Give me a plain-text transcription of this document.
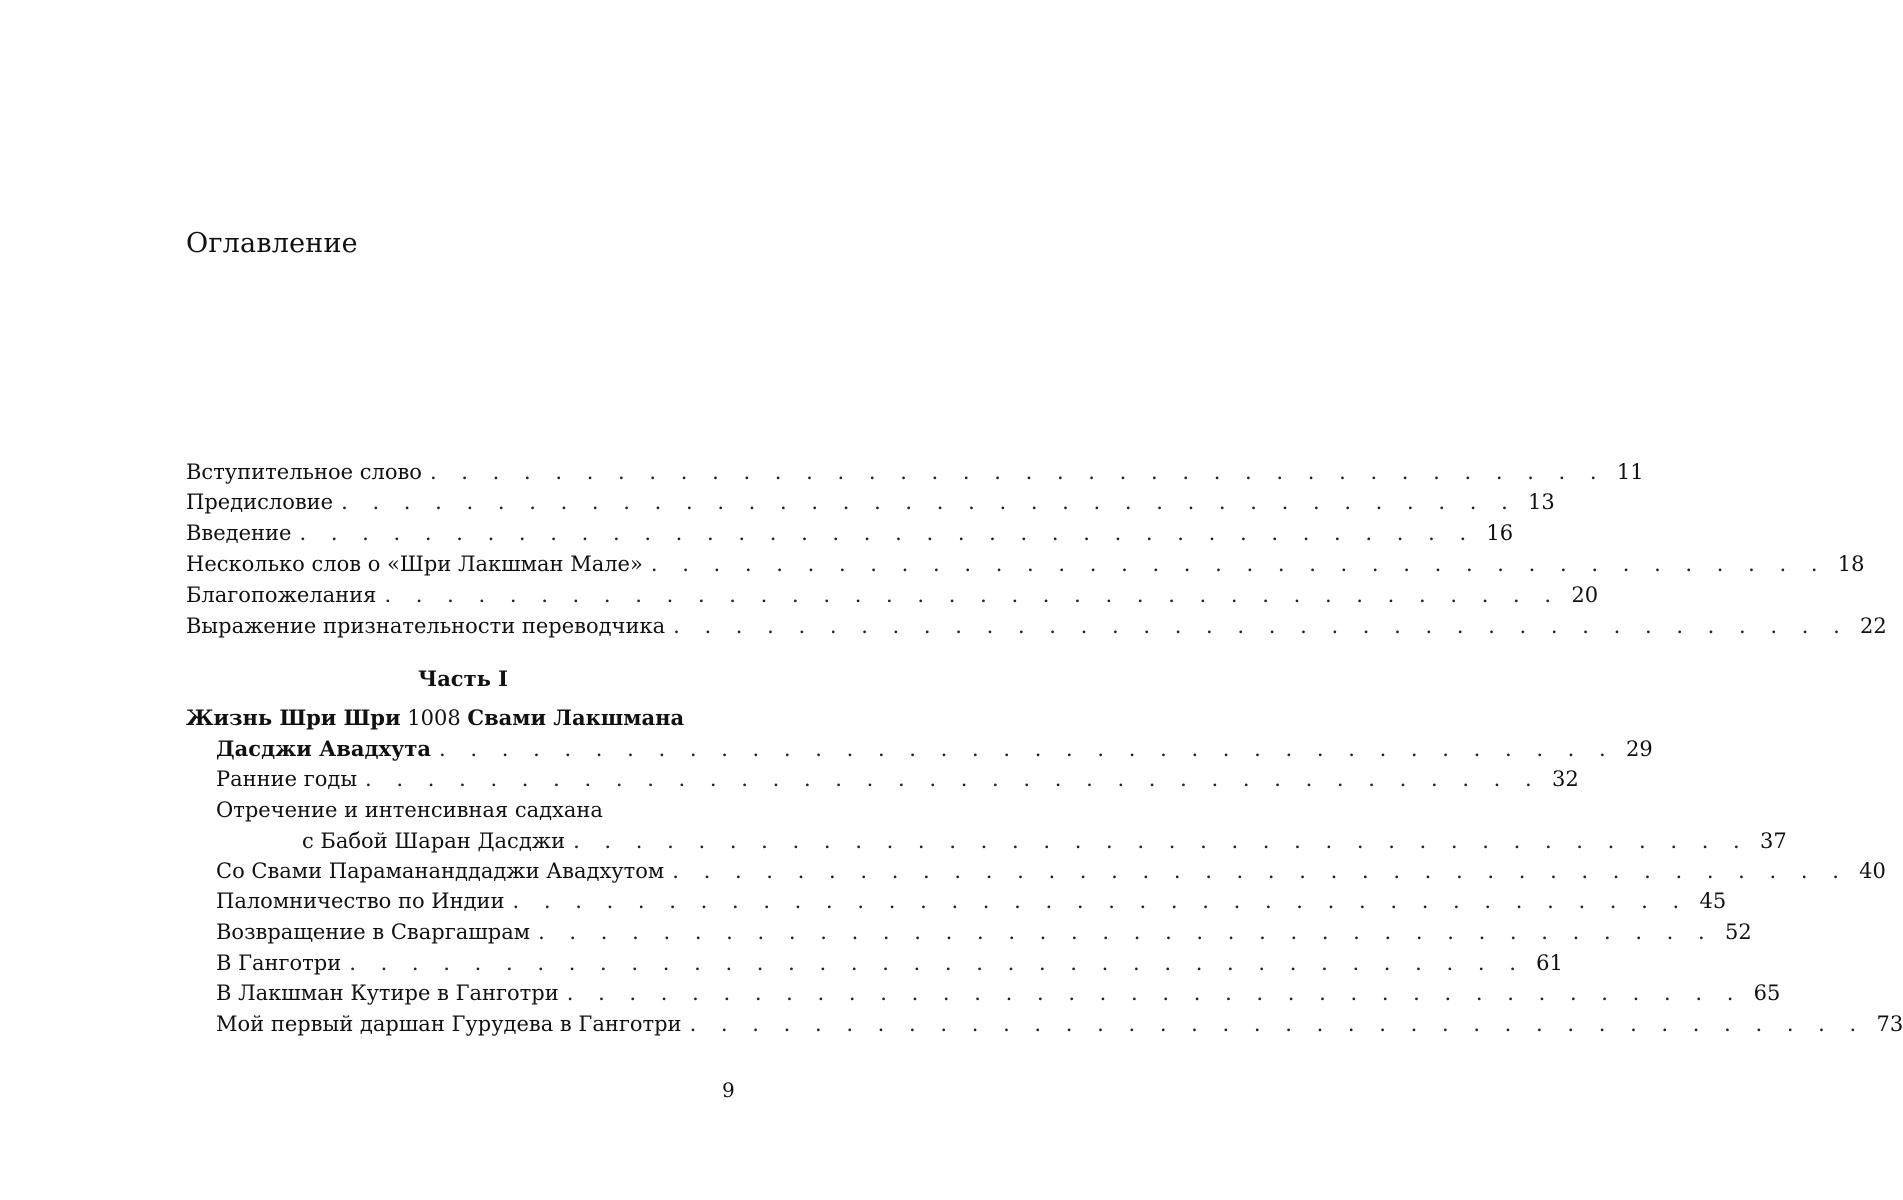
Оглавление
Вступительное слово . . . . . . . . . . . . . . . . . . . . . . . . . . . . . . . . . . . . . . 11
Предисловие . . . . . . . . . . . . . . . . . . . . . . . . . . . . . . . . . . . . . . 13
Введение . . . . . . . . . . . . . . . . . . . . . . . . . . . . . . . . . . . . . . 16
Несколько слов о «Шри Лакшман Мале» . . . . . . . . . . . . . . . . . . . . . . . . . . . . . . . . . . . . . . 18
Благопожелания . . . . . . . . . . . . . . . . . . . . . . . . . . . . . . . . . . . . . . 20
Выражение признательности переводчика . . . . . . . . . . . . . . . . . . . . . . . . . . . . . . . . . . . . . . 22
Часть I
Жизнь Шри Шри 1008 Свами Лакшмана
Дасджи Авадхута . . . . . . . . . . . . . . . . . . . . . . . . . . . . . . . . . . . . . . 29
Ранние годы . . . . . . . . . . . . . . . . . . . . . . . . . . . . . . . . . . . . . . 32
Отречение и интенсивная садхана
с Бабой Шаран Дасджи . . . . . . . . . . . . . . . . . . . . . . . . . . . . . . . . . . . . . . 37
Со Свами Парамананддаджи Авадхутом . . . . . . . . . . . . . . . . . . . . . . . . . . . . . . . . . . . . . . 40
Паломничество по Индии . . . . . . . . . . . . . . . . . . . . . . . . . . . . . . . . . . . . . . 45
Возвращение в Сваргашрам . . . . . . . . . . . . . . . . . . . . . . . . . . . . . . . . . . . . . . 52
В Ганготри . . . . . . . . . . . . . . . . . . . . . . . . . . . . . . . . . . . . . . 61
В Лакшман Кутире в Ганготри . . . . . . . . . . . . . . . . . . . . . . . . . . . . . . . . . . . . . . 65
Мой первый даршан Гурудева в Ганготри . . . . . . . . . . . . . . . . . . . . . . . . . . . . . . . . . . . . . . 73
9
